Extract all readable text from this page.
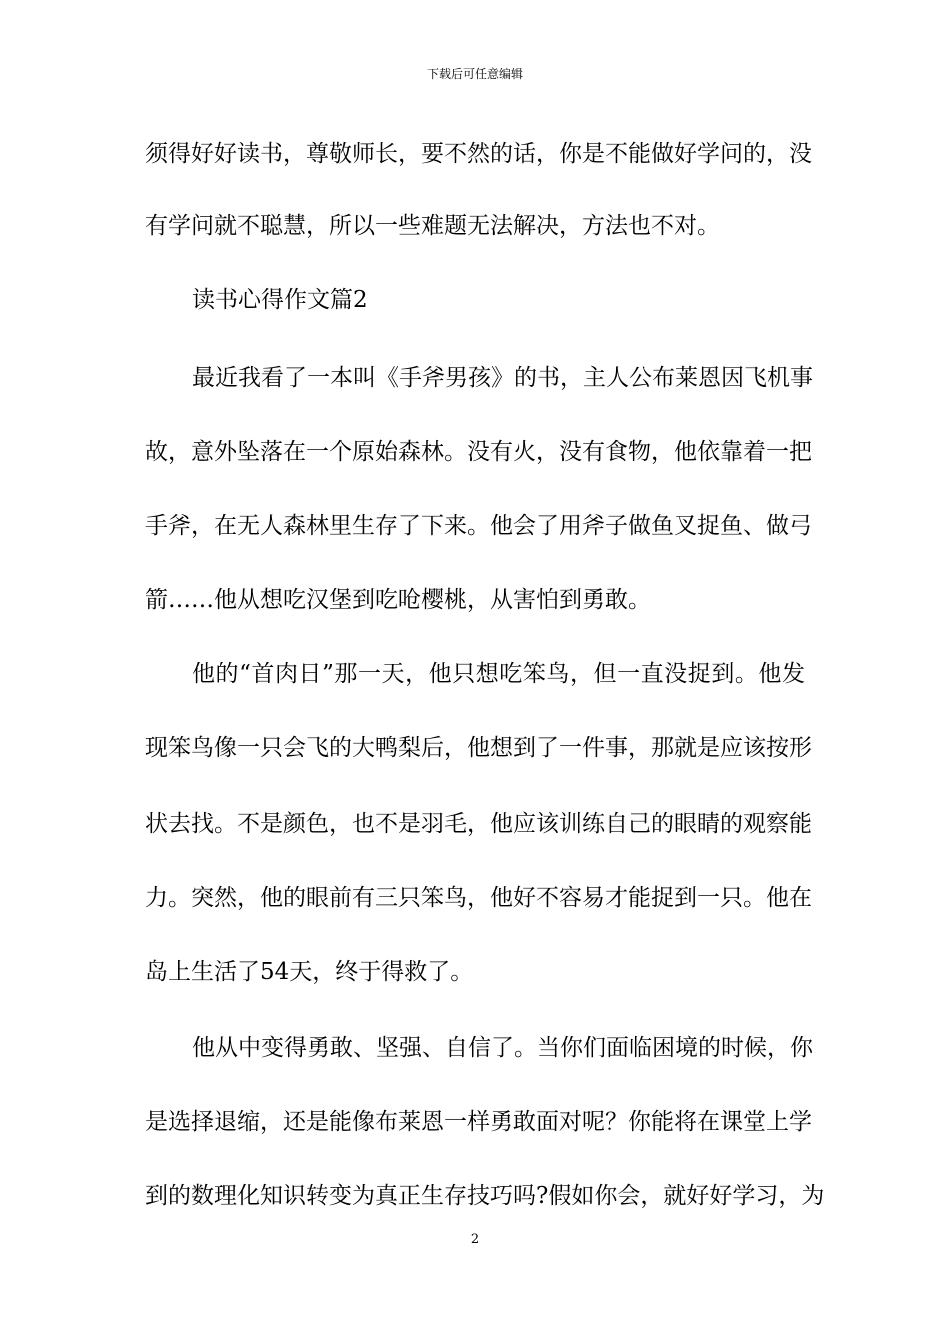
下载后可任意编辑
须得好好读书，尊敬师长，要不然的话，你是不能做好学问的，没
有学问就不聪慧，所以一些难题无法解决，方法也不对。
读书心得作文篇2
最近我看了一本叫《手斧男孩》的书，主人公布莱恩因飞机事
故，意外坠落在一个原始森林。没有火，没有食物，他依靠着一把
手斧，在无人森林里生存了下来。他会了用斧子做鱼叉捉鱼、做弓
箭……他从想吃汉堡到吃呛樱桃，从害怕到勇敢。
他的“首肉日”那一天，他只想吃笨鸟，但一直没捉到。他发
现笨鸟像一只会飞的大鸭梨后，他想到了一件事，那就是应该按形
状去找。不是颜色，也不是羽毛，他应该训练自己的眼睛的观察能
力。突然，他的眼前有三只笨鸟，他好不容易才能捉到一只。他在
岛上生活了54天，终于得救了。
他从中变得勇敢、坚强、自信了。当你们面临困境的时候，你
是选择退缩，还是能像布莱恩一样勇敢面对呢？你能将在课堂上学
到的数理化知识转变为真正生存技巧吗?假如你会，就好好学习，为
2
